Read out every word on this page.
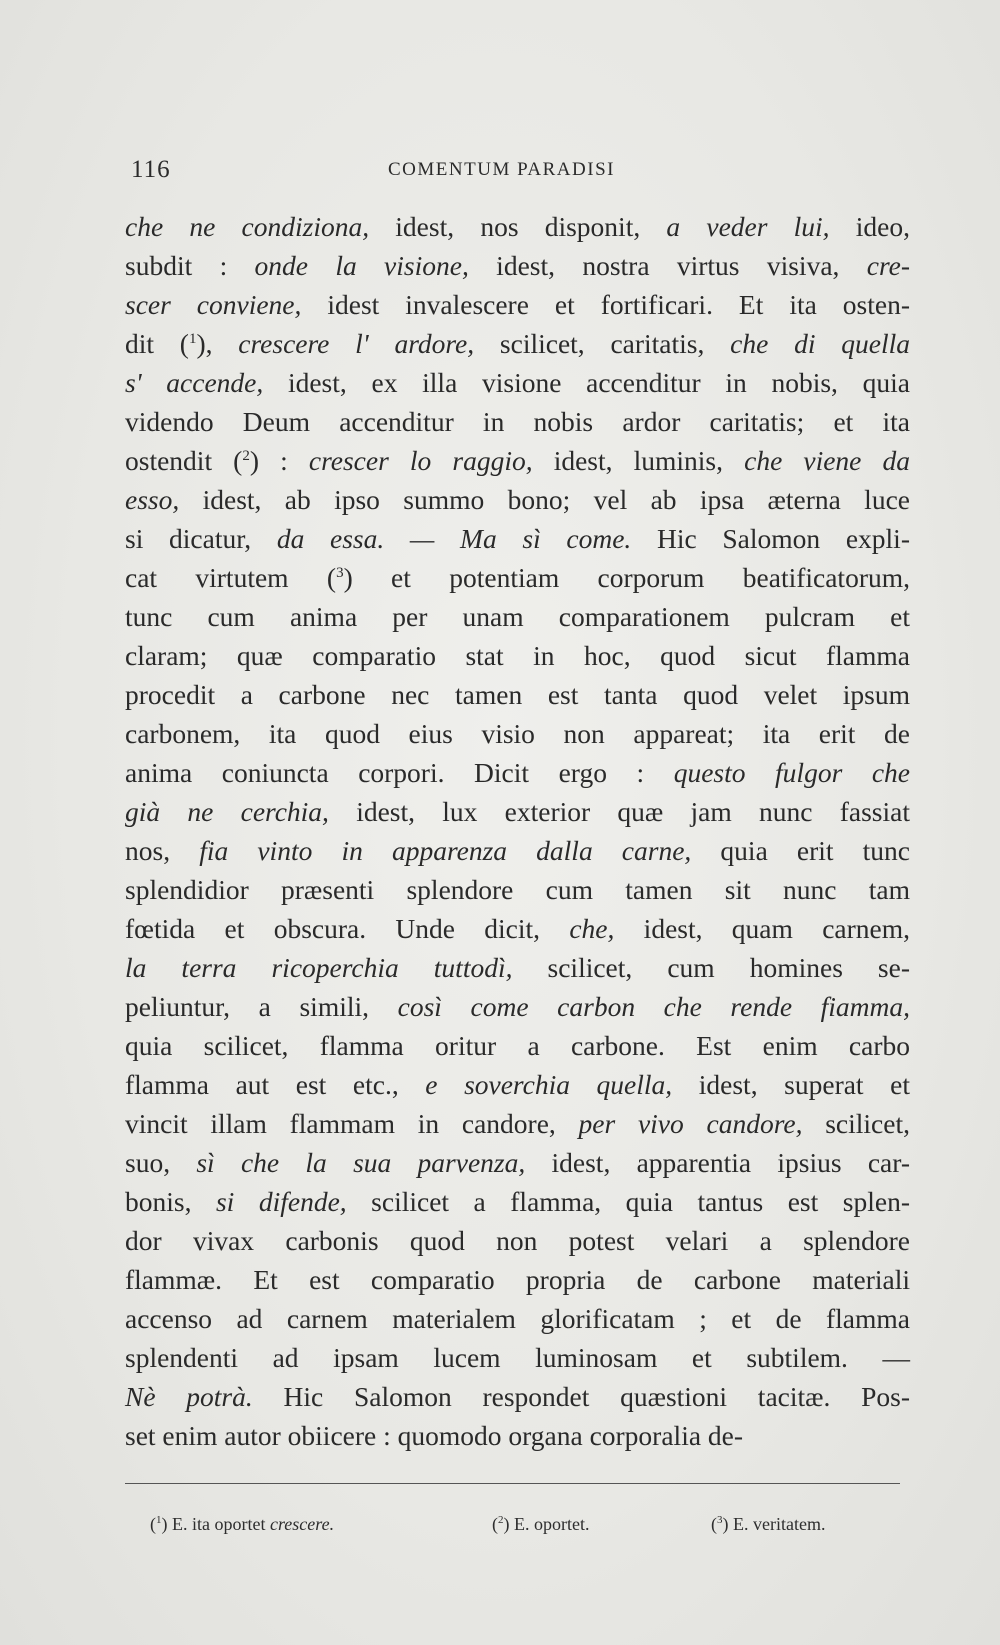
116	COMENTUM PARADISI
che ne condiziona, idest, nos disponit, a veder lui, ideo,
subdit : onde la visione, idest, nostra virtus visiva, cre-
scer conviene, idest invalescere et fortificari. Et ita osten-
dit ($^1$), crescere l' ardore, scilicet, caritatis, che di quella
s' accende, idest, ex illa visione accenditur in nobis, quia
videndo Deum accenditur in nobis ardor caritatis; et ita
ostendit ($^2$) : crescer lo raggio, idest, luminis, che viene da
esso, idest, ab ipso summo bono; vel ab ipsa æterna luce
si dicatur, da essa. — Ma sì come. Hic Salomon expli-
cat virtutem ($^3$) et potentiam corporum beatificatorum,
tunc cum anima per unam comparationem pulcram et
claram; quæ comparatio stat in hoc, quod sicut flamma
procedit a carbone nec tamen est tanta quod velet ipsum
carbonem, ita quod eius visio non appareat; ita erit de
anima coniuncta corpori. Dicit ergo : questo fulgor che
già ne cerchia, idest, lux exterior quæ jam nunc fassiat
nos, fia vinto in apparenza dalla carne, quia erit tunc
splendidior præsenti splendore cum tamen sit nunc tam
fœtida et obscura. Unde dicit, che, idest, quam carnem,
la terra ricoperchia tuttodì, scilicet, cum homines se-
peliuntur, a simili, così come carbon che rende fiamma,
quia scilicet, flamma oritur a carbone. Est enim carbo
flamma aut est etc., e soverchia quella, idest, superat et
vincit illam flammam in candore, per vivo candore, scilicet,
suo, sì che la sua parvenza, idest, apparentia ipsius car-
bonis, si difende, scilicet a flamma, quia tantus est splen-
dor vivax carbonis quod non potest velari a splendore
flammæ. Et est comparatio propria de carbone materiali
accenso ad carnem materialem glorificatam ; et de flamma
splendenti ad ipsam lucem luminosam et subtilem. —
Nè potrà. Hic Salomon respondet quæstioni tacitæ. Pos-
set enim autor obiicere : quomodo organa corporalia de-
($^1$) E. ita oportet crescere.	($^2$) E. oportet.	($^3$) E. veritatem.
